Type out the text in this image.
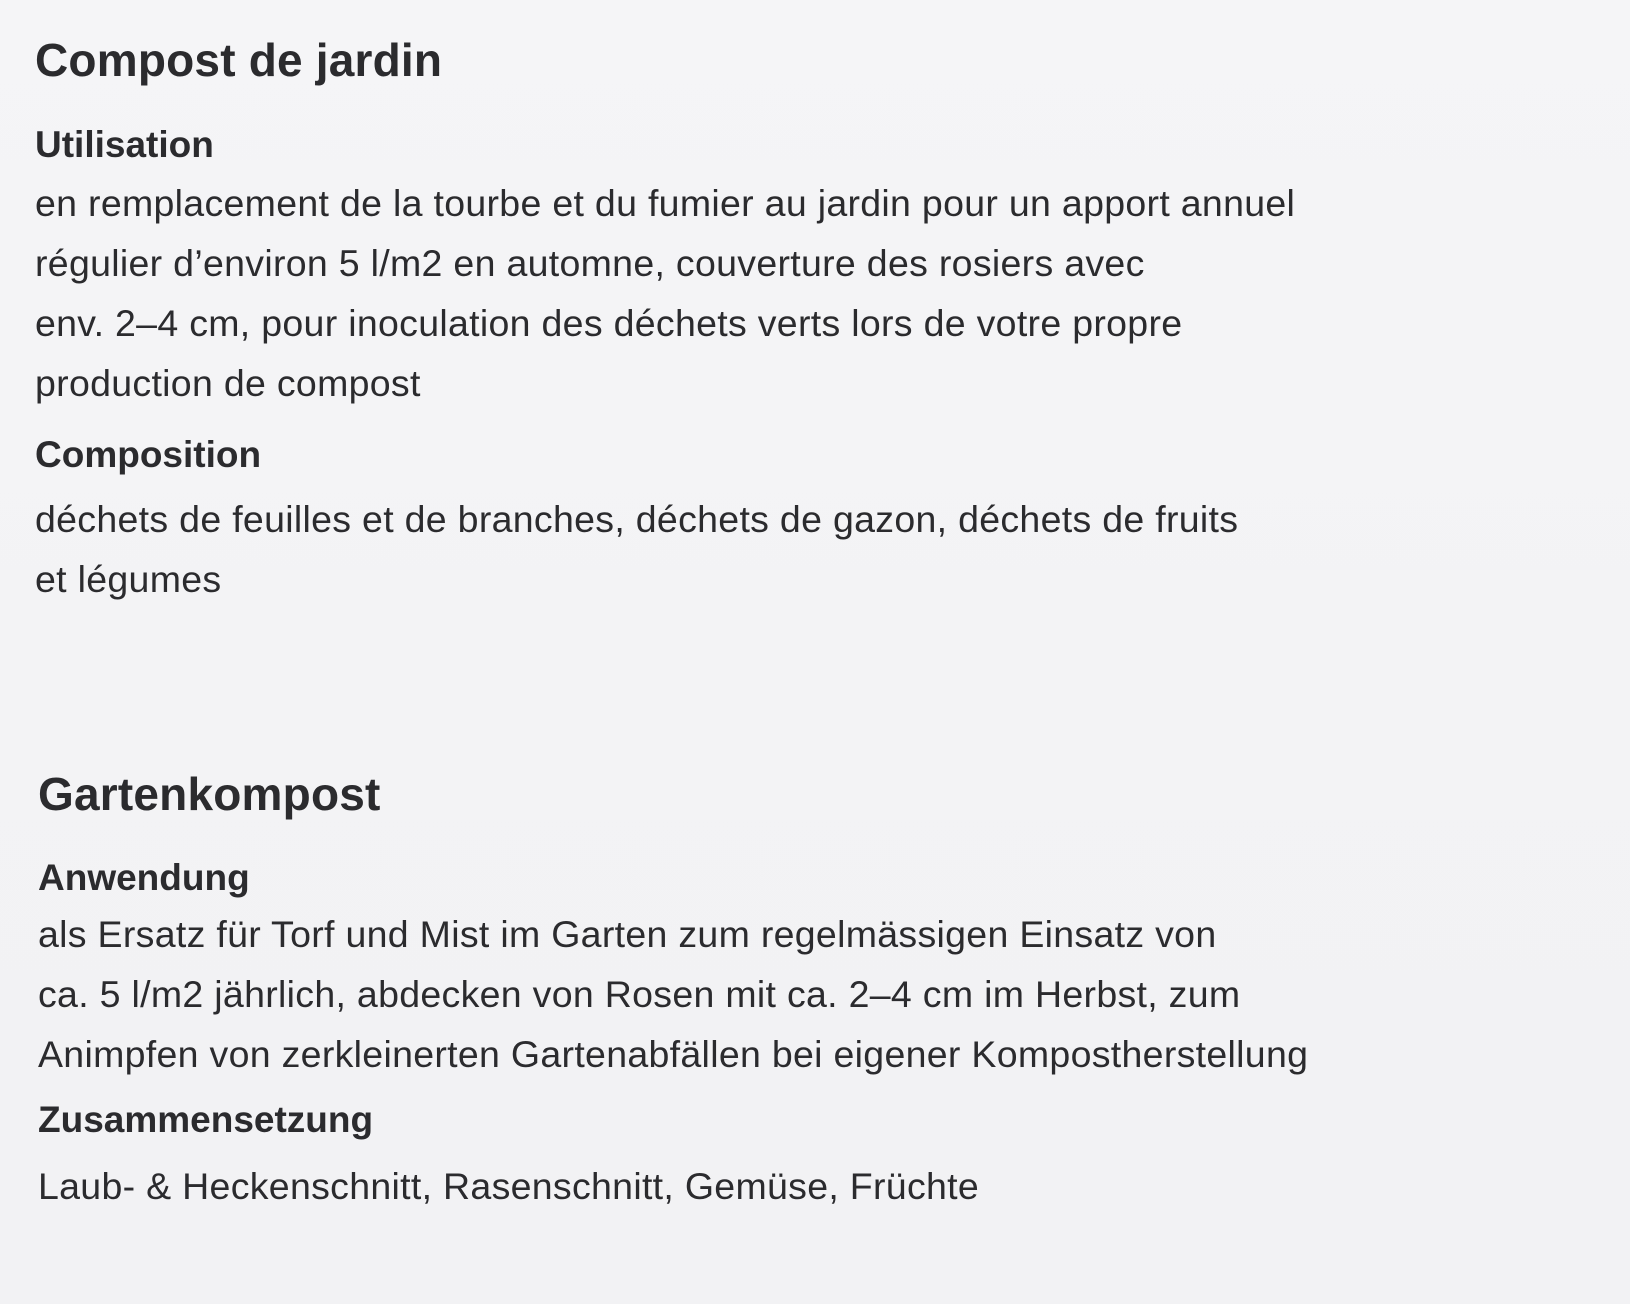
Compost de jardin
Utilisation

en remplacement de la tourbe et du fumier au jardin pour un apport annuel

régulier d’environ 5 l/m2 en automne, couverture des rosiers avec

env. 2–4 cm, pour inoculation des déchets verts lors de votre propre

production de compost

Composition

déchets de feuilles et de branches, déchets de gazon, déchets de fruits

et légumes

Gartenkompost
Anwendung

als Ersatz für Torf und Mist im Garten zum regelmässigen Einsatz von

ca. 5 l/m2 jährlich, abdecken von Rosen mit ca. 2–4 cm im Herbst, zum

Animpfen von zerkleinerten Gartenabfällen bei eigener Kompostherstellung

Zusammensetzung

Laub- & Heckenschnitt, Rasenschnitt, Gemüse, Früchte
